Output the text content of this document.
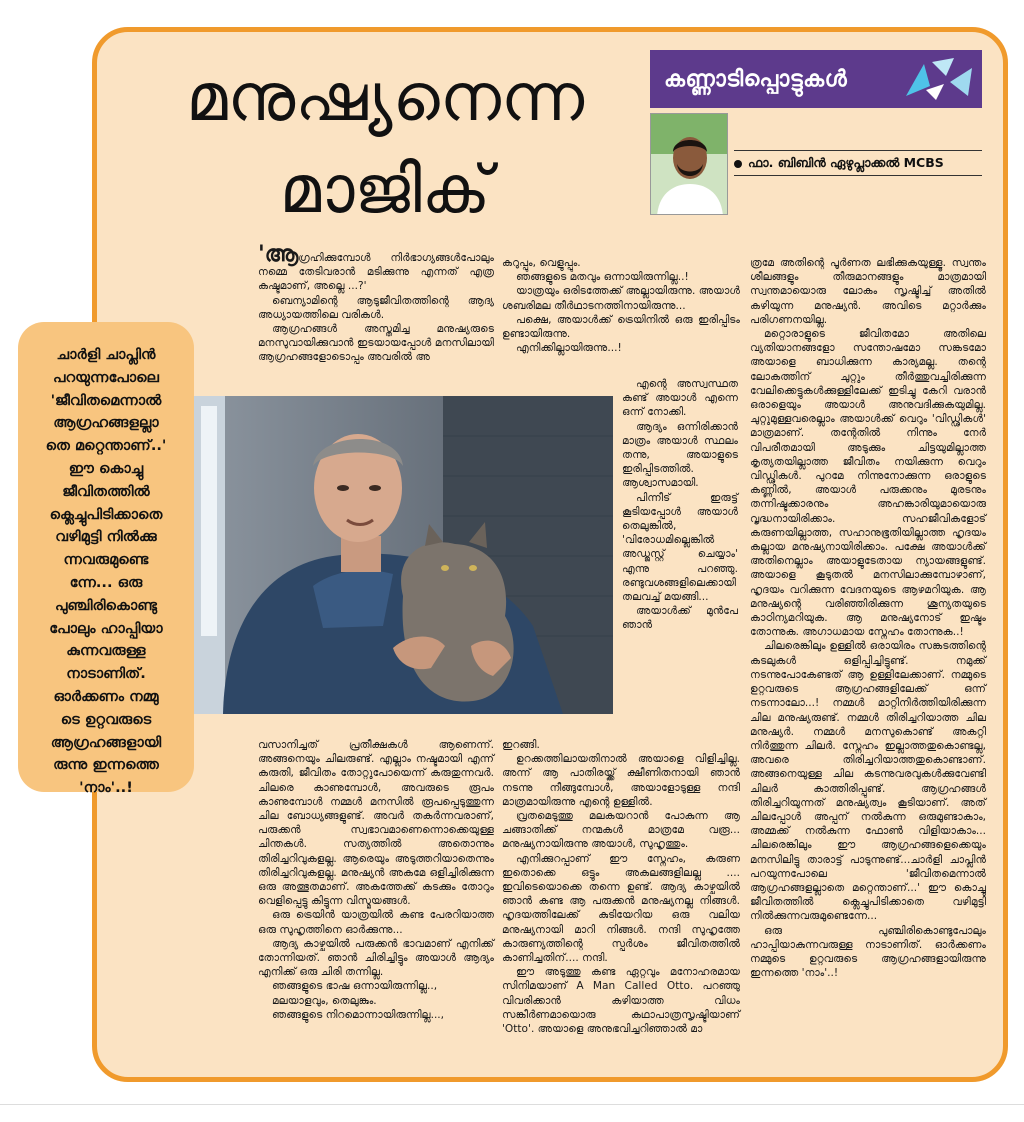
മനുഷ്യനെന്ന
മാജിക്
കണ്ണാടിപ്പൊട്ടുകൾ
ഫാ. ബിബിൻ ഏഴുപ്ലാക്കൽ MCBS

'ആഗ്രഹിക്കുമ്പോൾ നിർഭാഗ്യങ്ങൾപോലും നമ്മെ തേടിവരാൻ മടിക്കുന്നു എന്നത് എത്ര കഷ്ടമാണ്, അല്ലെ ...?'

ബെന്യാമിന്റെ ആടുജീവിതത്തിന്റെ ആദ്യ അധ്യായത്തിലെ വരികൾ.

ആഗ്രഹങ്ങൾ അസ്തമിച്ച മനുഷ്യരുടെ മനസുവായിക്കുവാൻ ഇടയായപ്പോൾ മനസിലായി ആഗ്രഹങ്ങളോടൊപ്പം അവരിൽ അ

കറുപ്പും, വെളുപ്പും.

ഞങ്ങളുടെ മതവും ഒന്നായിരുന്നില്ല..!

യാത്രയും ഒരിടത്തേക്ക് അല്ലായിരുന്നു. അയാൾ ശബരിമല തീർഥാടനത്തിനായിരുന്നു...

പക്ഷെ, അയാൾക്ക് ട്രെയിനിൽ ഒരു ഇരിപ്പിടം ഉണ്ടായിരുന്നു.

എനിക്കില്ലായിരുന്നു...!

എന്റെ അസ്വസ്ഥത കണ്ട് അയാൾ എന്നെ ഒന്ന് നോക്കി.

ആദ്യം ഒന്നിരിക്കാൻ മാത്രം അയാൾ സ്ഥലം തന്നു, അയാളുടെ ഇരിപ്പിടത്തിൽ. ആശ്വാസമായി.

പിന്നീട് ഇരുട്ട് കൂടിയപ്പോൾ അയാൾ തെലുങ്കിൽ, 'വിരോധമില്ലെങ്കിൽ അഡ്ജസ്റ്റ് ചെയ്യാം' എന്നു പറഞ്ഞു. രണ്ടുവശങ്ങളിലെക്കായി തലവച്ച് മയങ്ങി...

അയാൾക്ക് മുൻപേ ഞാൻ

വസാനിച്ചത് പ്രതീക്ഷകൾ ആണെന്ന്. അങ്ങനെയും ചിലരുണ്ട്. എല്ലാം നഷ്ടമായി എന്ന് കരുതി, ജീവിതം തോറ്റുപോയെന്ന് കരുതുന്നവർ. ചിലരെ കാണുമ്പോൾ, അവരുടെ രൂപം കാണുമ്പോൾ നമ്മൾ മനസിൽ രൂപപ്പെടുത്തുന്ന ചില ബോധ്യങ്ങളുണ്ട്. അവർ തകർന്നവരാണ്, പരുക്കൻ സ്വഭാവമാണെന്നൊക്കെയുള്ള ചിന്തകൾ. സത്യത്തിൽ അതൊന്നും തിരിച്ചറിവുകളല്ല. ആരെയും അടുത്തറിയാതെന്നും തിരിച്ചറിവുകളല്ല. മനുഷ്യൻ അകമേ ഒളിച്ചിരിക്കുന്ന ഒരു അത്ഭുതമാണ്. അകത്തേക്ക് കടക്കും തോറും വെളിപ്പെട്ടു കിട്ടുന്ന വിസ്മയങ്ങൾ.

ഒരു ട്രെയിൻ യാത്രയിൽ കണ്ട പേരറിയാത്ത ഒരു സുഹൃത്തിനെ ഓർക്കുന്നു...

ആദ്യ കാഴ്ചയിൽ പരുക്കൻ ഭാവമാണ് എനിക്ക് തോന്നിയത്. ഞാൻ ചിരിച്ചിട്ടും അയാൾ ആദ്യം എനിക്ക് ഒരു ചിരി തന്നില്ല.

ഞങ്ങളുടെ ഭാഷ ഒന്നായിരുന്നില്ല..,

മലയാളവും, തെലുങ്കും.

ഞങ്ങളുടെ നിറമൊന്നായിരുന്നില്ല...,

ഇറങ്ങി.

ഉറക്കത്തിലായതിനാൽ അയാളെ വിളിച്ചില്ല. അന്ന് ആ പാതിരയ്ക്ക് ക്ഷീണിതനായി ഞാൻ നടന്നു നീങ്ങുമ്പോൾ, അയാളോടുള്ള നന്ദി മാത്രമായിരുന്നു എന്റെ ഉള്ളിൽ.

വ്രതമെടുത്തു മലകയറാൻ പോകുന്ന ആ ചങ്ങാതിക്ക് നന്മകൾ മാത്രമേ വരൂ... മനുഷ്യനായിരുന്നു അയാൾ, സുഹൃത്തും.

എനിക്കുറപ്പാണ് ഈ സ്നേഹം, കരുണ ഇതൊക്കെ ഒട്ടും അകലങ്ങളിലല്ല .... ഇവിടെയൊക്കെ തന്നെ ഉണ്ട്. ആദ്യ കാഴ്ചയിൽ ഞാൻ കണ്ട ആ പരുക്കൻ മനുഷ്യനല്ല നിങ്ങൾ. ഹൃദയത്തിലേക്ക് കുടിയേറിയ ഒരു വലിയ മനുഷ്യനായി മാറി നിങ്ങൾ. നന്ദി സുഹൃത്തേ കാരുണ്യത്തിന്റെ സ്പർശം ജീവിതത്തിൽ കാണിച്ചതിന്.... നന്ദി.

ഈ അടുത്തു കണ്ട ഏറ്റവും മനോഹരമായ സിനിമയാണ് A Man Called Otto. പറഞ്ഞു വിവരിക്കാൻ കഴിയാത്ത വിധം സങ്കീർണമായൊരു കഥാപാത്രസൃഷ്ടിയാണ് 'Otto'. അയാളെ അനുഭവിച്ചറിഞ്ഞാൽ മാ

ത്രമേ അതിന്റെ പൂർണത ലഭിക്കുകയുള്ളൂ. സ്വന്തം ശീലങ്ങളും തീരുമാനങ്ങളും മാത്രമായി സ്വന്തമായൊരു ലോകം സൃഷ്ടിച്ച് അതിൽ കഴിയുന്ന മനുഷ്യൻ. അവിടെ മറ്റാർക്കും പരിഗണനയില്ല.

മറ്റൊരാളുടെ ജീവിതമോ അതിലെ വ്യതിയാനങ്ങളോ സന്തോഷമോ സങ്കടമോ അയാളെ ബാധിക്കുന്ന കാര്യമല്ല. തന്റെ ലോകത്തിന് ചുറ്റും തീർത്തുവച്ചിരിക്കുന്ന വേലിക്കെട്ടുകൾക്കുള്ളിലേക്ക് ഇടിച്ചു കേറി വരാൻ ഒരാളെയും അയാൾ അനുവദിക്കുകയുമില്ല. ചുറ്റുമുള്ളവരെല്ലാം അയാൾക്ക് വെറും 'വിഡ്ഢികൾ' മാത്രമാണ്. തന്റേതിൽ നിന്നും നേർ വിപരീതമായി അടുക്കും ചിട്ടയുമില്ലാത്ത കൃത്യതയില്ലാത്ത ജീവിതം നയിക്കുന്ന വെറും വിഡ്ഢികൾ. പുറമേ നിന്നുനോക്കുന്ന ഒരാളുടെ കണ്ണിൽ, അയാൾ പരുക്കനും മുരടനും തന്നിഷ്ടക്കാരനും അഹങ്കാരിയുമായൊരു വൃദ്ധനായിരിക്കാം. സഹജീവികളോട് കരുണയില്ലാത്ത, സഹാനുഭൂതിയില്ലാത്ത ഹൃദയം കല്ലായ മനുഷ്യനായിരിക്കാം. പക്ഷേ അയാൾക്ക് അതിനെല്ലാം അയാളുടേതായ ന്യായങ്ങളുണ്ട്. അയാളെ കൂടുതൽ മനസിലാക്കുമ്പോഴാണ്, ഹൃദയം വറിക്കുന്ന വേദനയുടെ ആഴമറിയുക. ആ മനുഷ്യന്റെ വരിഞ്ഞിരിക്കുന്ന ശൂന്യതയുടെ കാഠിന്യമറിയുക. ആ മനുഷ്യനോട് ഇഷ്ടം തോന്നുക. അഗാധമായ സ്നേഹം തോന്നുക..!

ചിലരെങ്കിലും ഉള്ളിൽ ഒരായിരം സങ്കടത്തിന്റെ കടലുകൾ ഒളിപ്പിച്ചിട്ടുണ്ട്. നമുക്ക് നടന്നുപോകേണ്ടത് ആ ഉള്ളിലേക്കാണ്. നമ്മുടെ ഉറ്റവരുടെ ആഗ്രഹങ്ങളിലേക്ക് ഒന്ന് നടന്നാലോ...! നമ്മൾ മാറ്റിനിർത്തിയിരിക്കുന്ന ചില മനുഷ്യരുണ്ട്. നമ്മൾ തിരിച്ചറിയാത്ത ചില മനുഷ്യർ. നമ്മൾ മനസുകൊണ്ട് അകറ്റി നിർത്തുന്ന ചിലർ. സ്നേഹം ഇല്ലാത്തതുകൊണ്ടല്ല, അവരെ തിരിച്ചറിയാത്തതുകൊണ്ടാണ്. അങ്ങനെയുള്ള ചില കടന്നുവരവുകൾക്കുവേണ്ടി ചിലർ കാത്തിരിപ്പുണ്ട്. ആഗ്രഹങ്ങൾ തിരിച്ചറിയുന്നത് മനുഷ്യത്വം കൂടിയാണ്. അത് ചിലപ്പോൾ അപ്പന് നൽകുന്ന ഒരുമുണ്ടാകാം, അമ്മക്ക് നൽകുന്ന ഫോൺ വിളിയാകാം... ചിലരെങ്കിലും ഈ ആഗ്രഹങ്ങളെക്കെയും മനസിലിട്ടു താരാട്ട് പാടുന്നുണ്ട്...ചാർളി ചാപ്ലിൻ പറയുന്നപോലെ 'ജീവിതമെന്നാൽ ആഗ്രഹങ്ങളല്ലാതെ മറ്റെന്താണ്...' ഈ കൊച്ചു ജീവിതത്തിൽ ക്ലെച്ചുപിടിക്കാതെ വഴിമുട്ടി നിൽക്കുന്നവരുമുണ്ടെന്നേ...

ഒരു പുഞ്ചിരികൊണ്ടുപോലും ഹാപ്പിയാകുന്നവരുള്ള നാടാണിത്. ഓർക്കണം നമ്മുടെ ഉറ്റവരുടെ ആഗ്രഹങ്ങളായിരുന്നു ഇന്നത്തെ 'നാം'..!

ചാർളി ചാപ്ലിൻ
പറയുന്നപോലെ
'ജീവിതമെന്നാൽ
ആഗ്രഹങ്ങളല്ലാ
തെ മറ്റെന്താണ്..'
ഈ കൊച്ചു
ജീവിതത്തിൽ
ക്ലെച്ചുപിടിക്കാതെ
വഴിമുട്ടി നിൽക്കു
ന്നവരുമുണ്ടെ
ന്നേ... ഒരു
പുഞ്ചിരികൊണ്ടു
പോലും ഹാപ്പിയാ
കുന്നവരുള്ള
നാടാണിത്.
ഓർക്കണം നമ്മു
ടെ ഉറ്റവരുടെ
ആഗ്രഹങ്ങളായി
രുന്നു ഇന്നത്തെ
'നാം'..!
